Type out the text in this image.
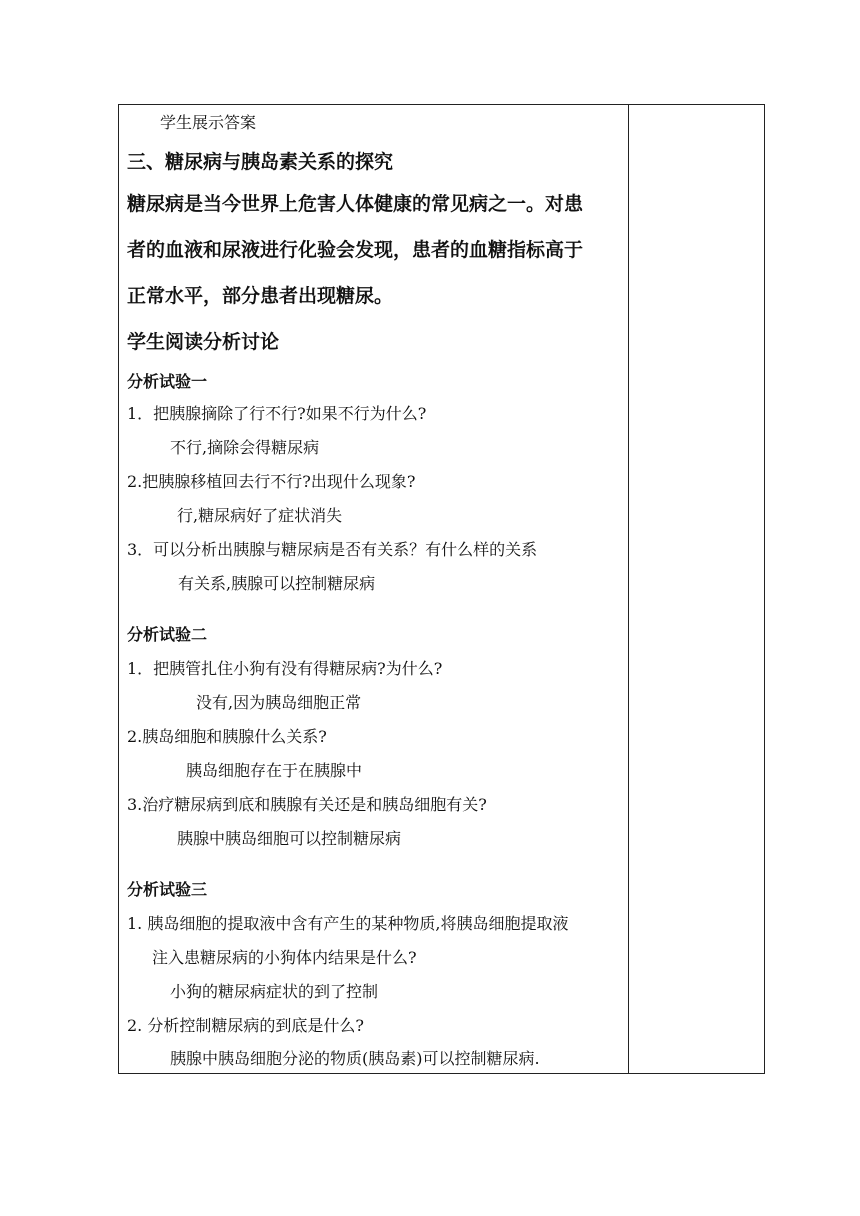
学生展示答案
三、糖尿病与胰岛素关系的探究
糖尿病是当今世界上危害人体健康的常见病之一。对患
者的血液和尿液进行化验会发现，患者的血糖指标高于
正常水平，部分患者出现糖尿。
学生阅读分析讨论
分析试验一
1．把胰腺摘除了行不行?如果不行为什么?
不行,摘除会得糖尿病
2.把胰腺移植回去行不行?出现什么现象?
行,糖尿病好了症状消失
3．可以分析出胰腺与糖尿病是否有关系？有什么样的关系
有关系,胰腺可以控制糖尿病
分析试验二
1．把胰管扎住小狗有没有得糖尿病?为什么?
没有,因为胰岛细胞正常
2.胰岛细胞和胰腺什么关系?
胰岛细胞存在于在胰腺中
3.治疗糖尿病到底和胰腺有关还是和胰岛细胞有关?
胰腺中胰岛细胞可以控制糖尿病
分析试验三
1. 胰岛细胞的提取液中含有产生的某种物质,将胰岛细胞提取液
注入患糖尿病的小狗体内结果是什么?
小狗的糖尿病症状的到了控制
2. 分析控制糖尿病的到底是什么?
胰腺中胰岛细胞分泌的物质(胰岛素)可以控制糖尿病.
